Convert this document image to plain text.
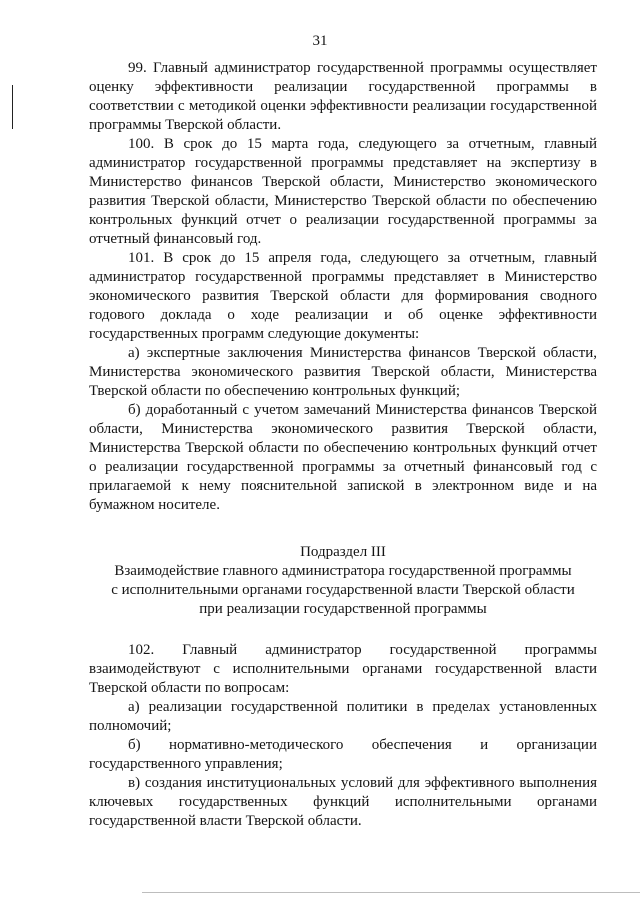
31

99. Главный администратор государственной программы осуществляет оценку эффективности реализации государственной программы в соответствии с методикой оценки эффективности реализации государственной программы Тверской области.

100. В срок до 15 марта года, следующего за отчетным, главный администратор государственной программы представляет на экспертизу в Министерство финансов Тверской области, Министерство экономического развития Тверской области, Министерство Тверской области по обеспечению контрольных функций отчет о реализации государственной программы за отчетный финансовый год.

101. В срок до 15 апреля года, следующего за отчетным, главный администратор государственной программы представляет в Министерство экономического развития Тверской области для формирования сводного годового доклада о ходе реализации и об оценке эффективности государственных программ следующие документы:

а) экспертные заключения Министерства финансов Тверской области, Министерства экономического развития Тверской области, Министерства Тверской области по обеспечению контрольных функций;

б) доработанный с учетом замечаний Министерства финансов Тверской области, Министерства экономического развития Тверской области, Министерства Тверской области по обеспечению контрольных функций отчет о реализации государственной программы за отчетный финансовый год с прилагаемой к нему пояснительной запиской в электронном виде и на бумажном носителе.

Подраздел III

Взаимодействие главного администратора государственной программы

с исполнительными органами государственной власти Тверской области

при реализации государственной программы

102. Главный администратор государственной программы взаимодействуют с исполнительными органами государственной власти Тверской области по вопросам:

а) реализации государственной политики в пределах установленных полномочий;

б) нормативно-методического обеспечения и организации государственного управления;

в) создания институциональных условий для эффективного выполнения ключевых государственных функций исполнительными органами государственной власти Тверской области.
